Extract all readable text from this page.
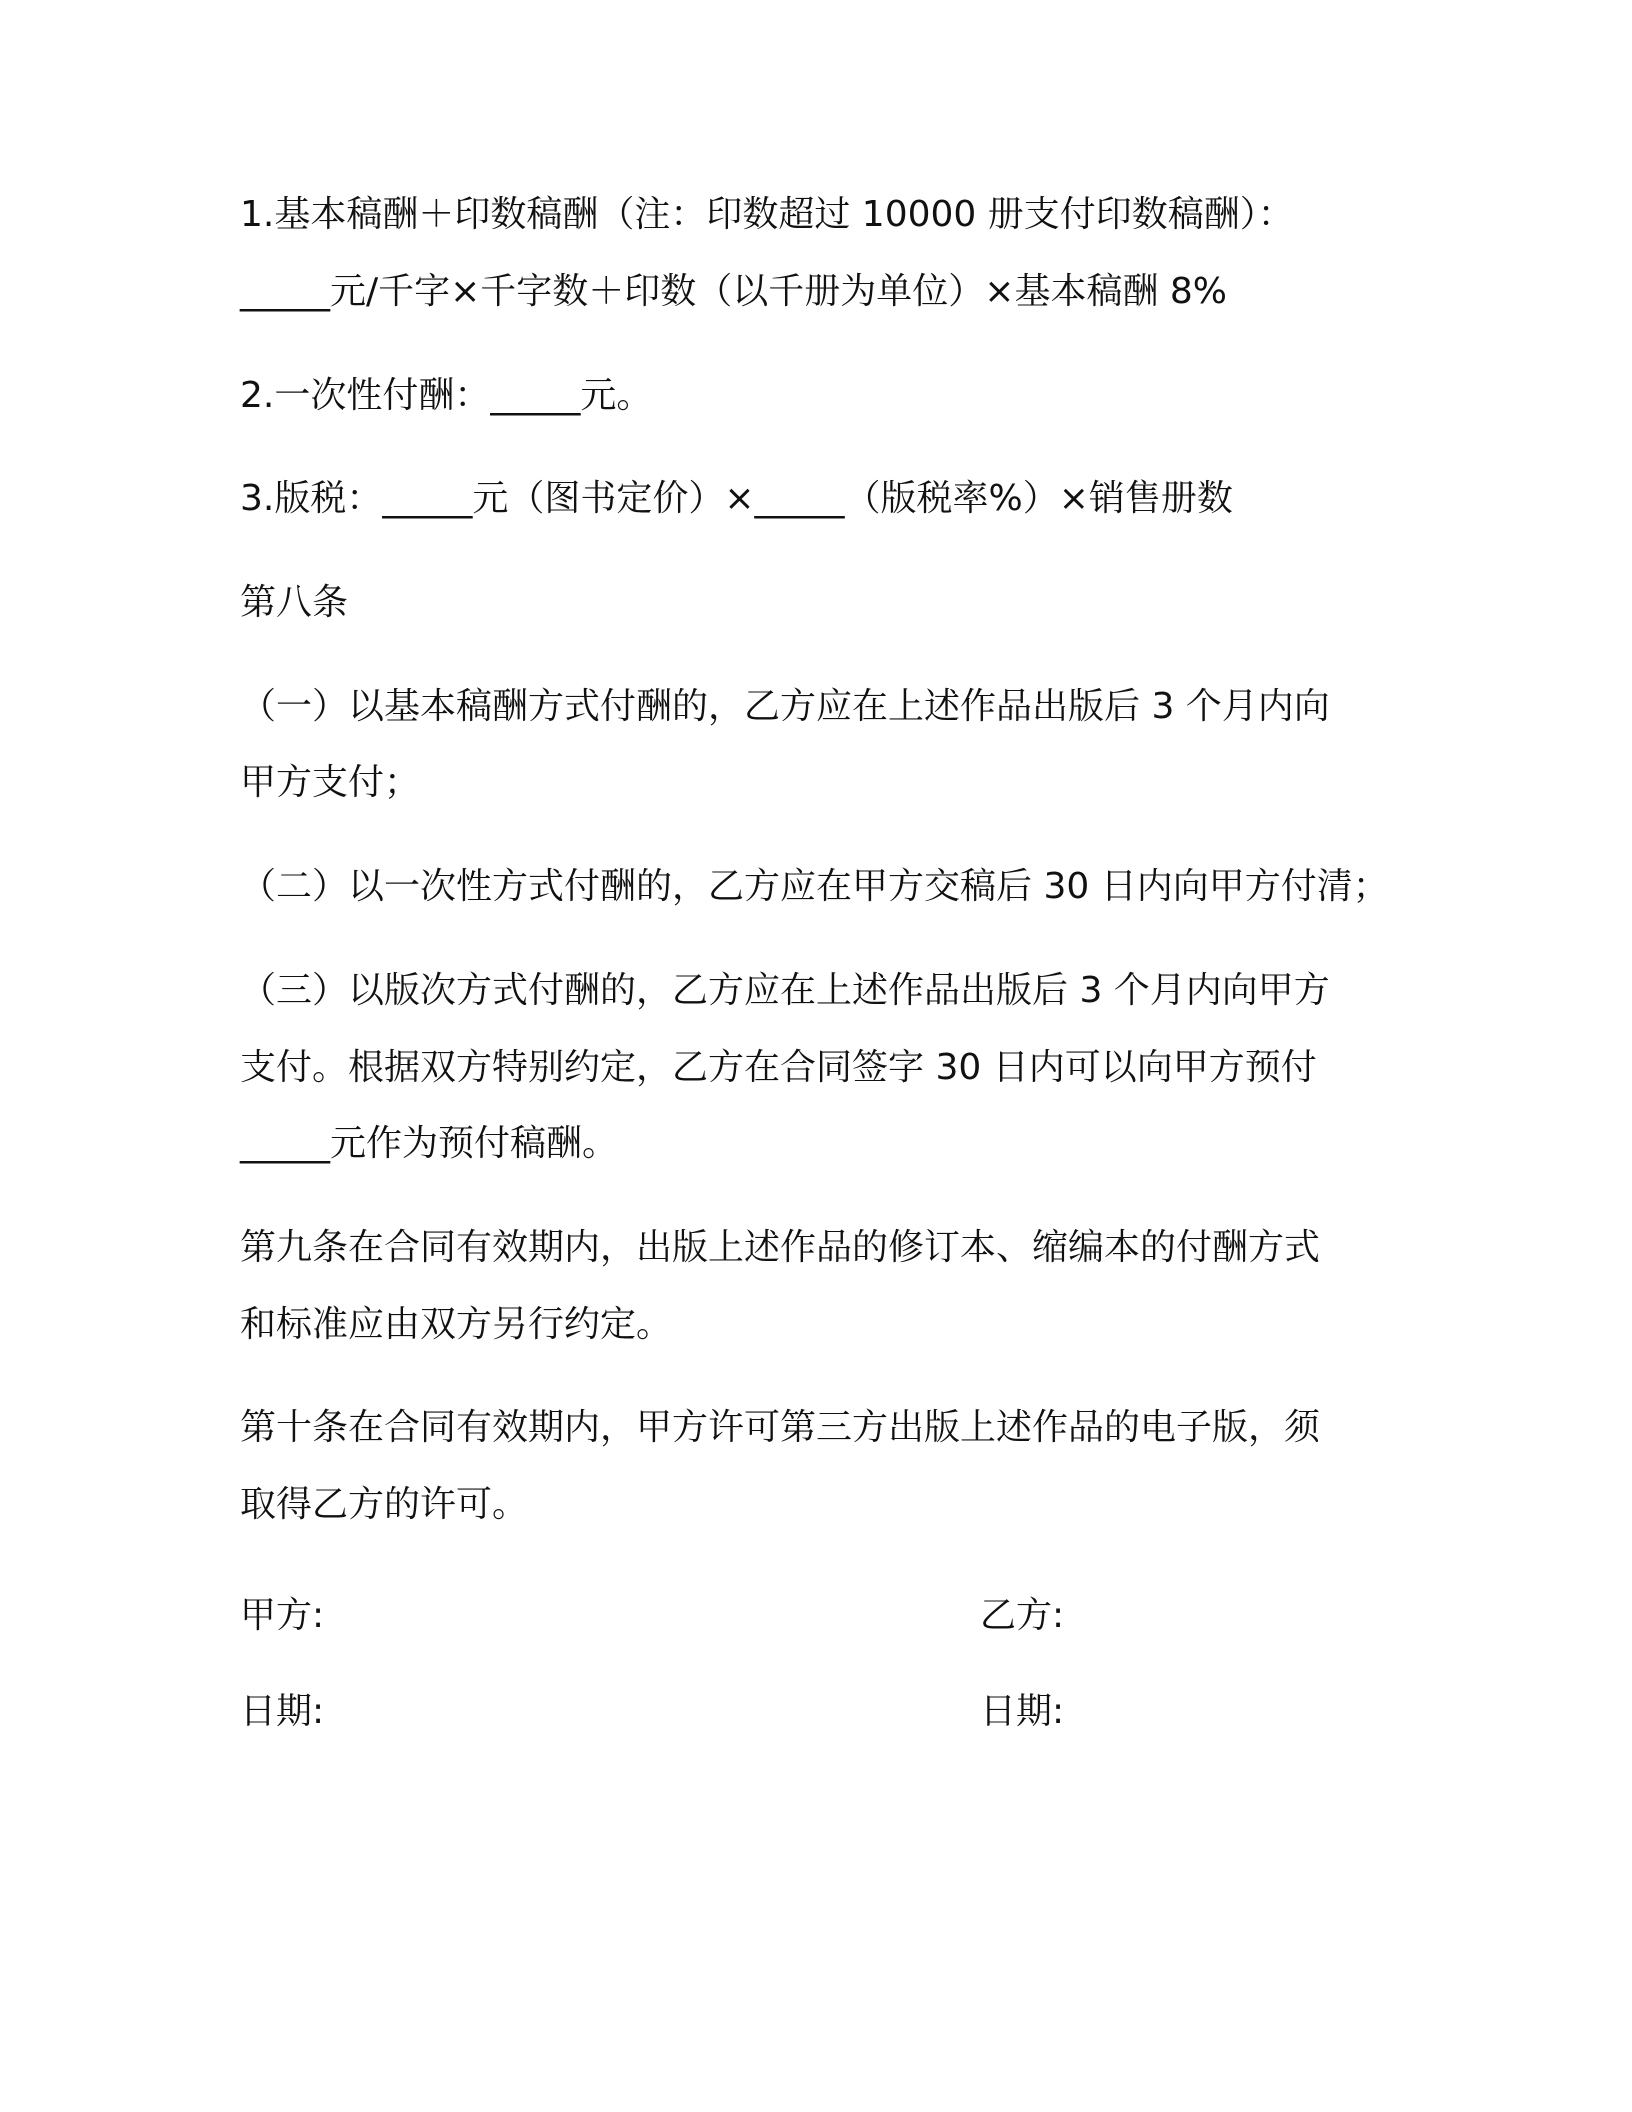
1.基本稿酬＋印数稿酬（注：印数超过 10000 册支付印数稿酬）：

_____元/千字×千字数＋印数（以千册为单位）×基本稿酬 8%

2.一次性付酬：_____元。

3.版税：_____元（图书定价）×_____（版税率%）×销售册数

第八条

（一）以基本稿酬方式付酬的，乙方应在上述作品出版后 3 个月内向

甲方支付；

（二）以一次性方式付酬的，乙方应在甲方交稿后 30 日内向甲方付清；

（三）以版次方式付酬的，乙方应在上述作品出版后 3 个月内向甲方

支付。根据双方特别约定，乙方在合同签字 30 日内可以向甲方预付

_____元作为预付稿酬。

第九条在合同有效期内，出版上述作品的修订本、缩编本的付酬方式

和标准应由双方另行约定。

第十条在合同有效期内，甲方许可第三方出版上述作品的电子版，须

取得乙方的许可。

甲方:	乙方:

日期:	日期:
